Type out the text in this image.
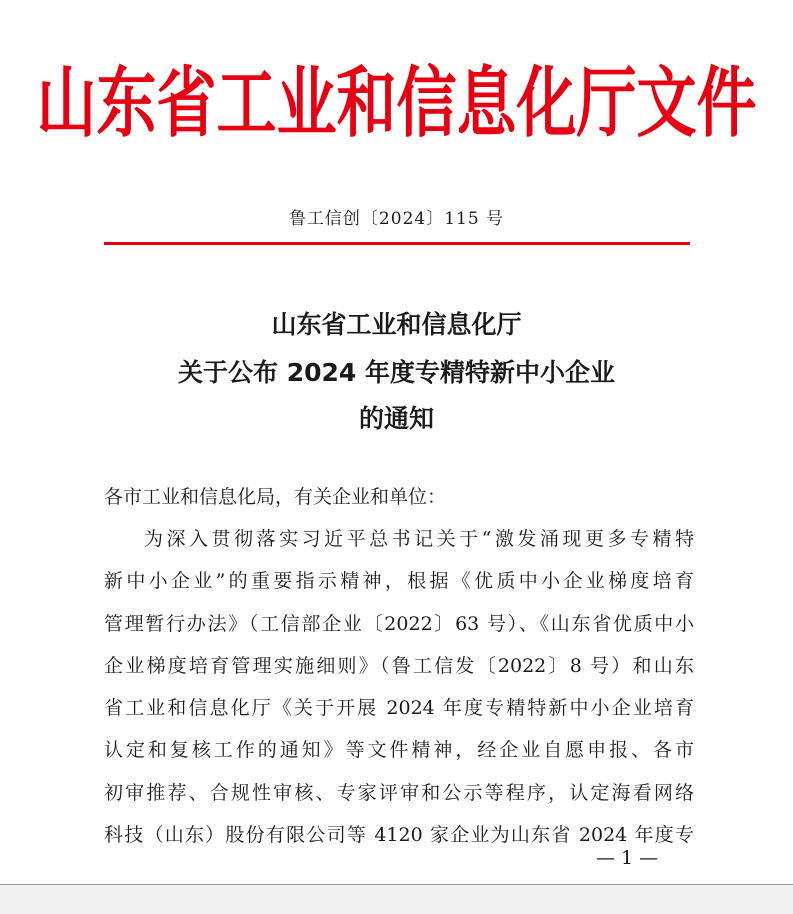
山东省工业和信息化厅文件
鲁工信创〔2024〕115 号
山东省工业和信息化厅
关于公布 2024 年度专精特新中小企业
的通知
各市工业和信息化局，有关企业和单位：
为深入贯彻落实习近平总书记关于“激发涌现更多专精特
新中小企业”的重要指示精神，根据《优质中小企业梯度培育
管理暂行办法》（工信部企业〔2022〕63 号）、《山东省优质中小
企业梯度培育管理实施细则》（鲁工信发〔2022〕8 号）和山东
省工业和信息化厅《关于开展 2024 年度专精特新中小企业培育
认定和复核工作的通知》等文件精神，经企业自愿申报、各市
初审推荐、合规性审核、专家评审和公示等程序，认定海看网络
科技（山东）股份有限公司等 4120 家企业为山东省 2024 年度专
— 1 —
